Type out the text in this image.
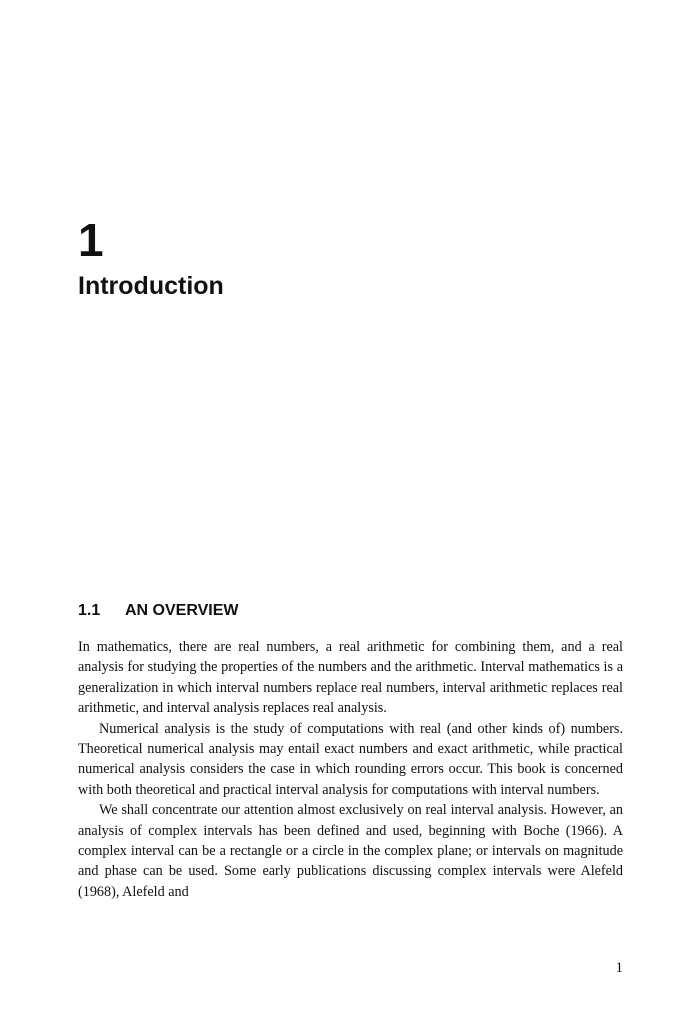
1
Introduction
1.1 AN OVERVIEW

In mathematics, there are real numbers, a real arithmetic for combining them, and a real analysis for studying the properties of the numbers and the arithmetic. Interval mathematics is a generalization in which interval numbers replace real numbers, interval arithmetic replaces real arithmetic, and interval analysis replaces real analysis.

Numerical analysis is the study of computations with real (and other kinds of) numbers. Theoretical numerical analysis may entail exact numbers and exact arithmetic, while practical numerical analysis considers the case in which rounding errors occur. This book is concerned with both theoretical and practical interval analysis for computations with interval numbers.

We shall concentrate our attention almost exclusively on real interval analysis. However, an analysis of complex intervals has been defined and used, beginning with Boche (1966). A complex interval can be a rectangle or a circle in the complex plane; or intervals on magnitude and phase can be used. Some early publications discussing complex intervals were Alefeld (1968), Alefeld and

1
